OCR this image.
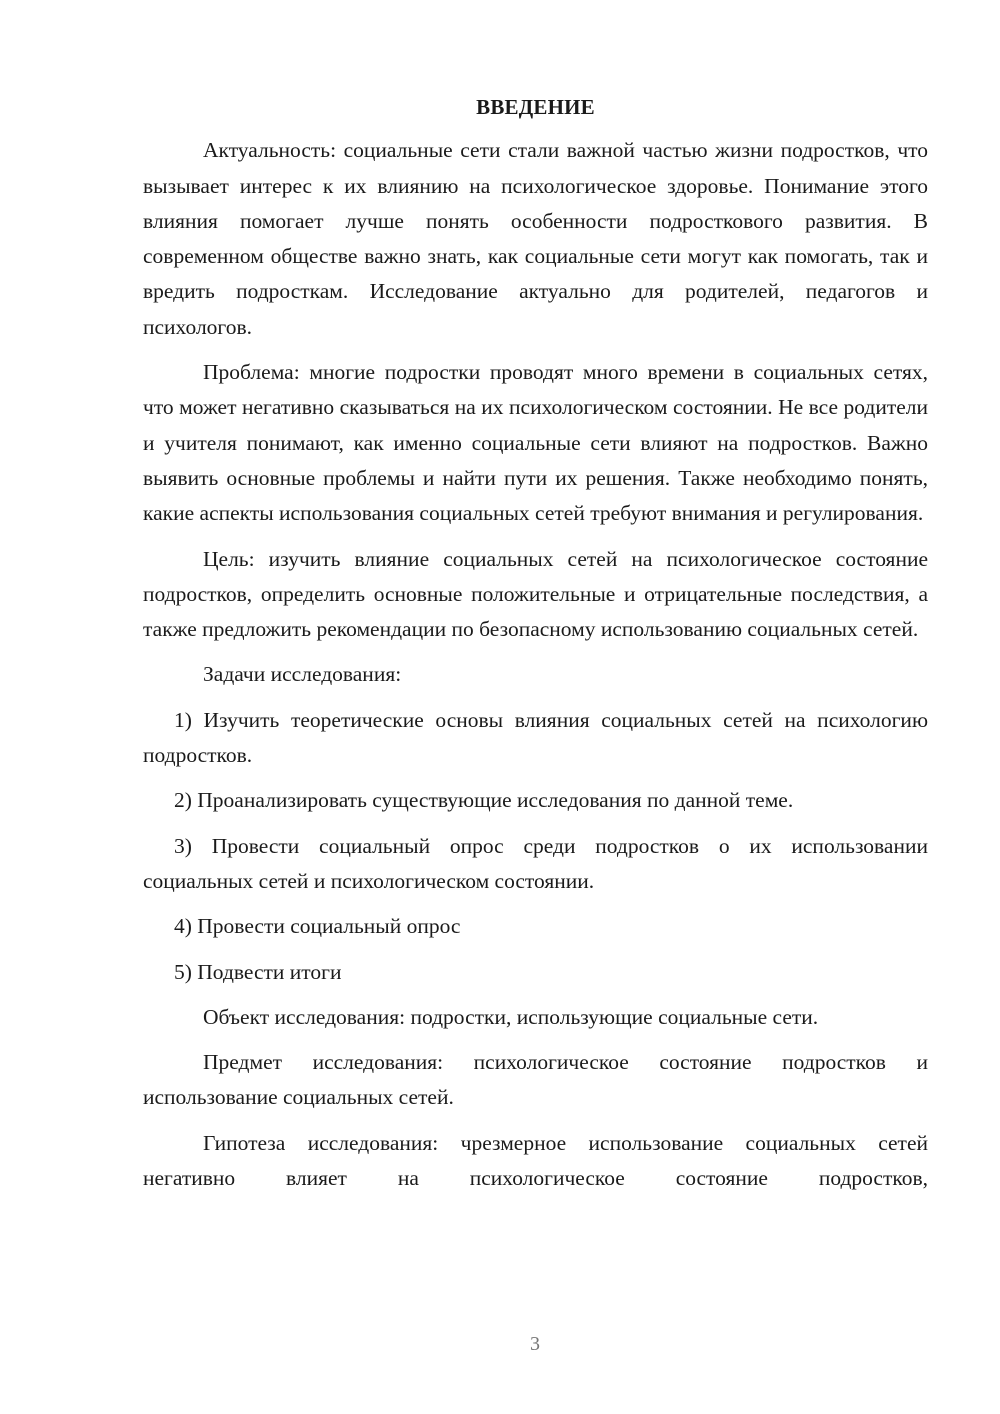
ВВЕДЕНИЕ

Актуальность: социальные сети стали важной частью жизни подростков, что вызывает интерес к их влиянию на психологическое здоровье. Понимание этого влияния помогает лучше понять особенности подросткового развития. В современном обществе важно знать, как социальные сети могут как помогать, так и вредить подросткам. Исследование актуально для родителей, педагогов и психологов.

Проблема: многие подростки проводят много времени в социальных сетях, что может негативно сказываться на их психологическом состоянии. Не все родители и учителя понимают, как именно социальные сети влияют на подростков. Важно выявить основные проблемы и найти пути их решения. Также необходимо понять, какие аспекты использования социальных сетей требуют внимания и регулирования.

Цель: изучить влияние социальных сетей на психологическое состояние подростков, определить основные положительные и отрицательные последствия, а также предложить рекомендации по безопасному использованию социальных сетей.

Задачи исследования:

1) Изучить теоретические основы влияния социальных сетей на психологию подростков.

2) Проанализировать существующие исследования по данной теме.

3) Провести социальный опрос среди подростков о их использовании социальных сетей и психологическом состоянии.

4) Провести социальный опрос

5) Подвести итоги

Объект исследования: подростки, использующие социальные сети.

Предмет исследования: психологическое состояние подростков и использование социальных сетей.

Гипотеза исследования: чрезмерное использование социальных сетей негативно влияет на психологическое состояние подростков,

3
